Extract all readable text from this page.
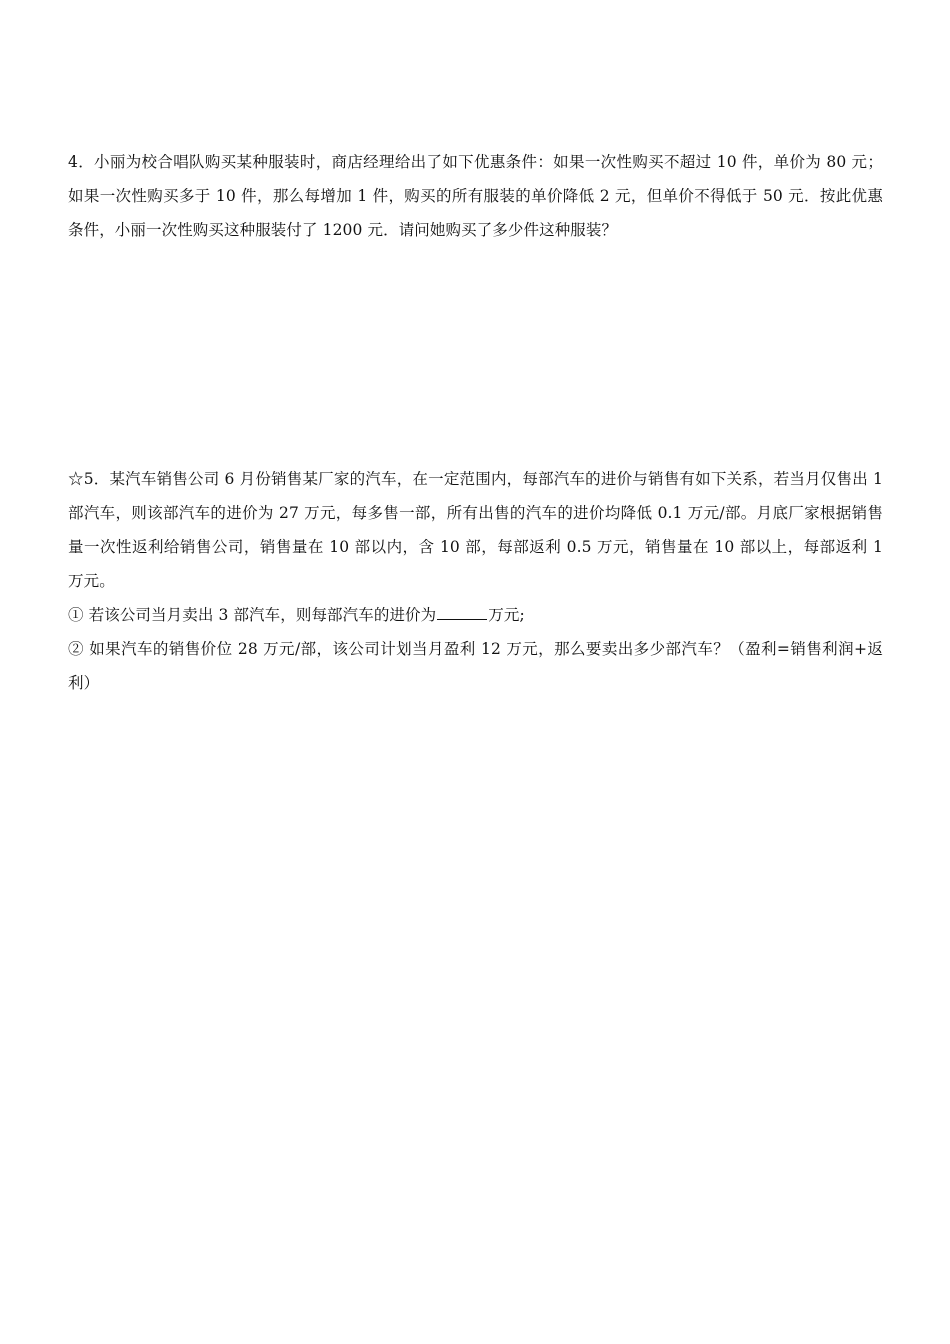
4．小丽为校合唱队购买某种服装时，商店经理给出了如下优惠条件：如果一次性购买不超过 10 件，单价为 80 元；如果一次性购买多于 10 件，那么每增加 1 件，购买的所有服装的单价降低 2 元，但单价不得低于 50 元．按此优惠条件，小丽一次性购买这种服装付了 1200 元．请问她购买了多少件这种服装？

☆5．某汽车销售公司 6 月份销售某厂家的汽车，在一定范围内，每部汽车的进价与销售有如下关系，若当月仅售出 1 部汽车，则该部汽车的进价为 27 万元，每多售一部，所有出售的汽车的进价均降低 0.1 万元/部。月底厂家根据销售量一次性返利给销售公司，销售量在 10 部以内，含 10 部，每部返利 0.5 万元，销售量在 10 部以上，每部返利 1 万元。

① 若该公司当月卖出 3 部汽车，则每部汽车的进价为	万元;

② 如果汽车的销售价位 28 万元/部，该公司计划当月盈利 12 万元，那么要卖出多少部汽车？（盈利=销售利润+返利）
